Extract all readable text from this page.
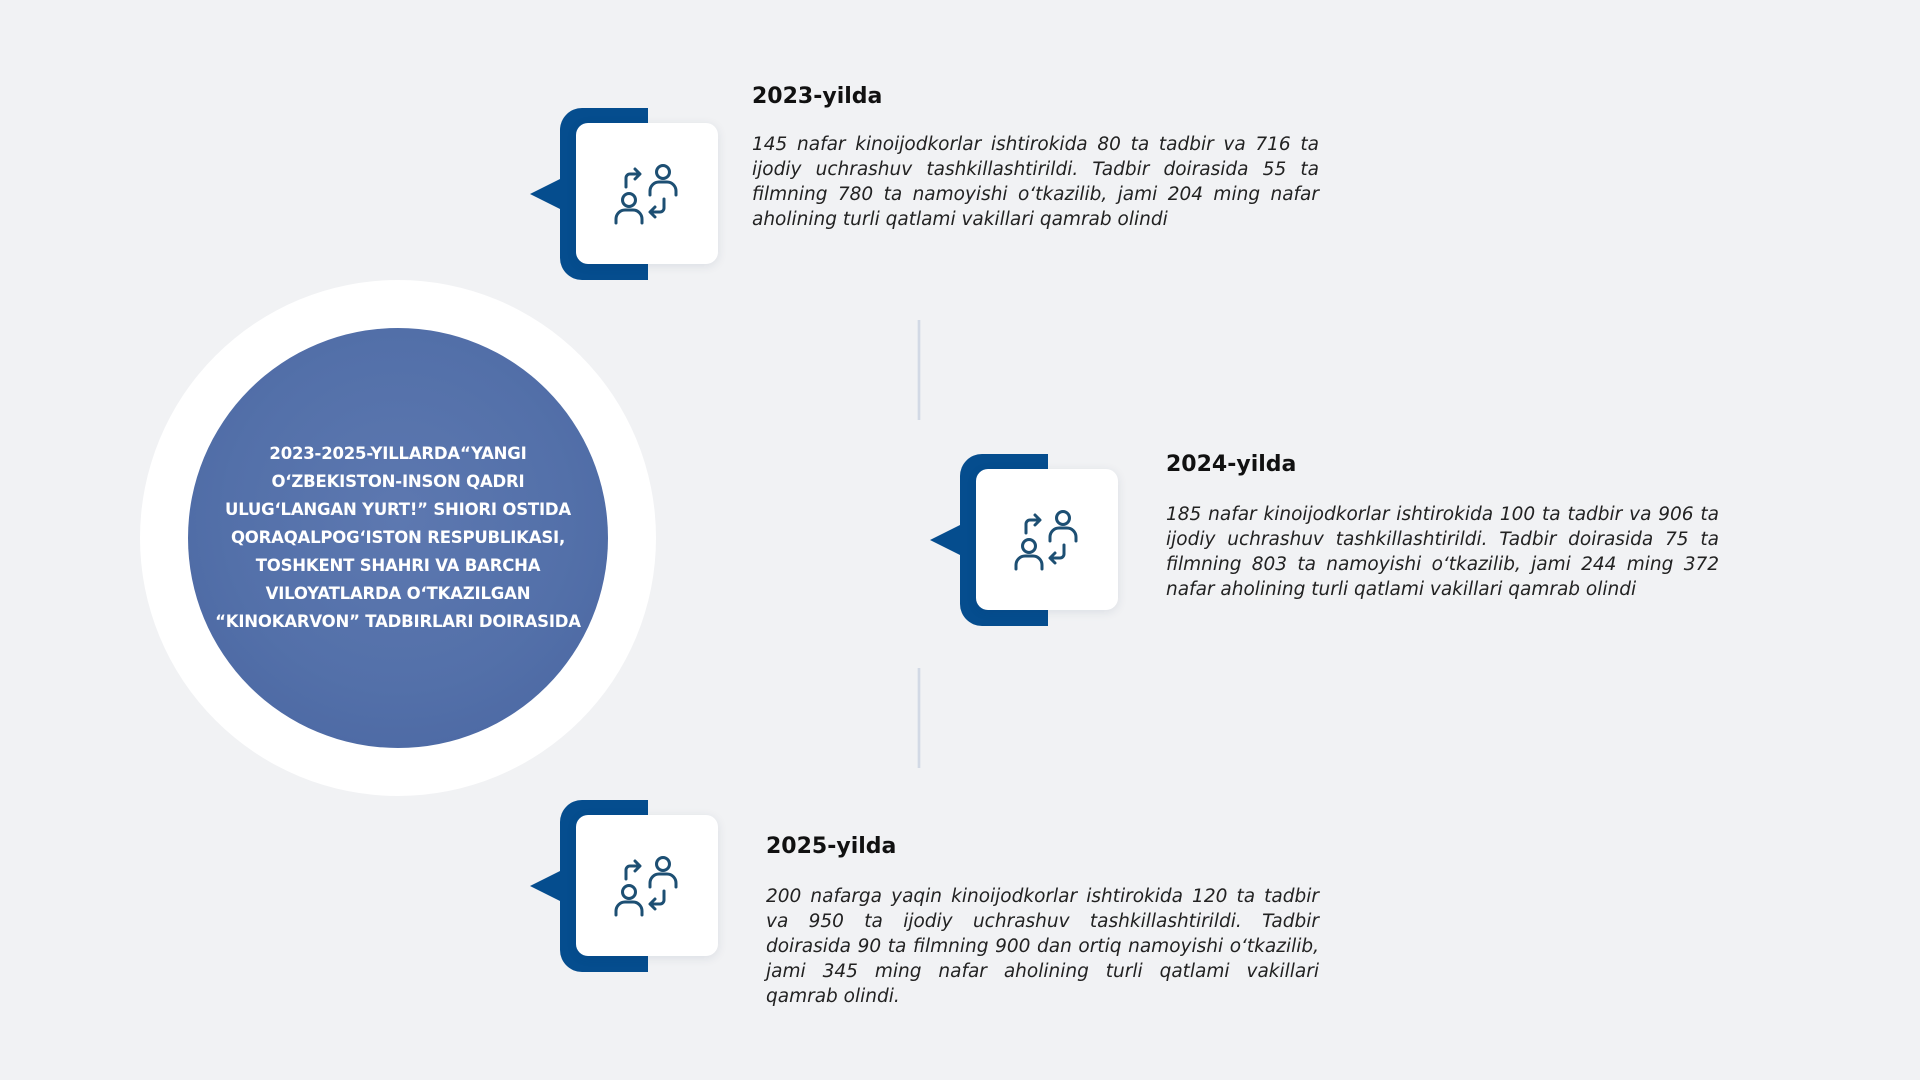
2023-2025-YILLARDA“YANGI O‘ZBEKISTON-INSON QADRI ULUG‘LANGAN YURT!” SHIORI OSTIDA QORAQALPOG‘ISTON RESPUBLIKASI, TOSHKENT SHAHRI VA BARCHA VILOYATLARDA O‘TKAZILGAN “KINOKARVON” TADBIRLARI DOIRASIDA
2023-yilda

145 nafar kinoijodkorlar ishtirokida 80 ta tadbir va 716 ta ijodiy uchrashuv tashkillashtirildi. Tadbir doirasida 55 ta filmning 780 ta namoyishi o‘tkazilib, jami 204 ming nafar aholining turli qatlami vakillari qamrab olindi

2024-yilda

185 nafar kinoijodkorlar ishtirokida 100 ta tadbir va 906 ta ijodiy uchrashuv tashkillashtirildi. Tadbir doirasida 75 ta filmning 803 ta namoyishi o‘tkazilib, jami 244 ming 372 nafar aholining turli qatlami vakillari qamrab olindi

2025-yilda

200 nafarga yaqin kinoijodkorlar ishtirokida 120 ta tadbir va 950 ta ijodiy uchrashuv tashkillashtirildi. Tadbir doirasida 90 ta filmning 900 dan ortiq namoyishi o‘tkazilib, jami 345 ming nafar aholining turli qatlami vakillari qamrab olindi.
